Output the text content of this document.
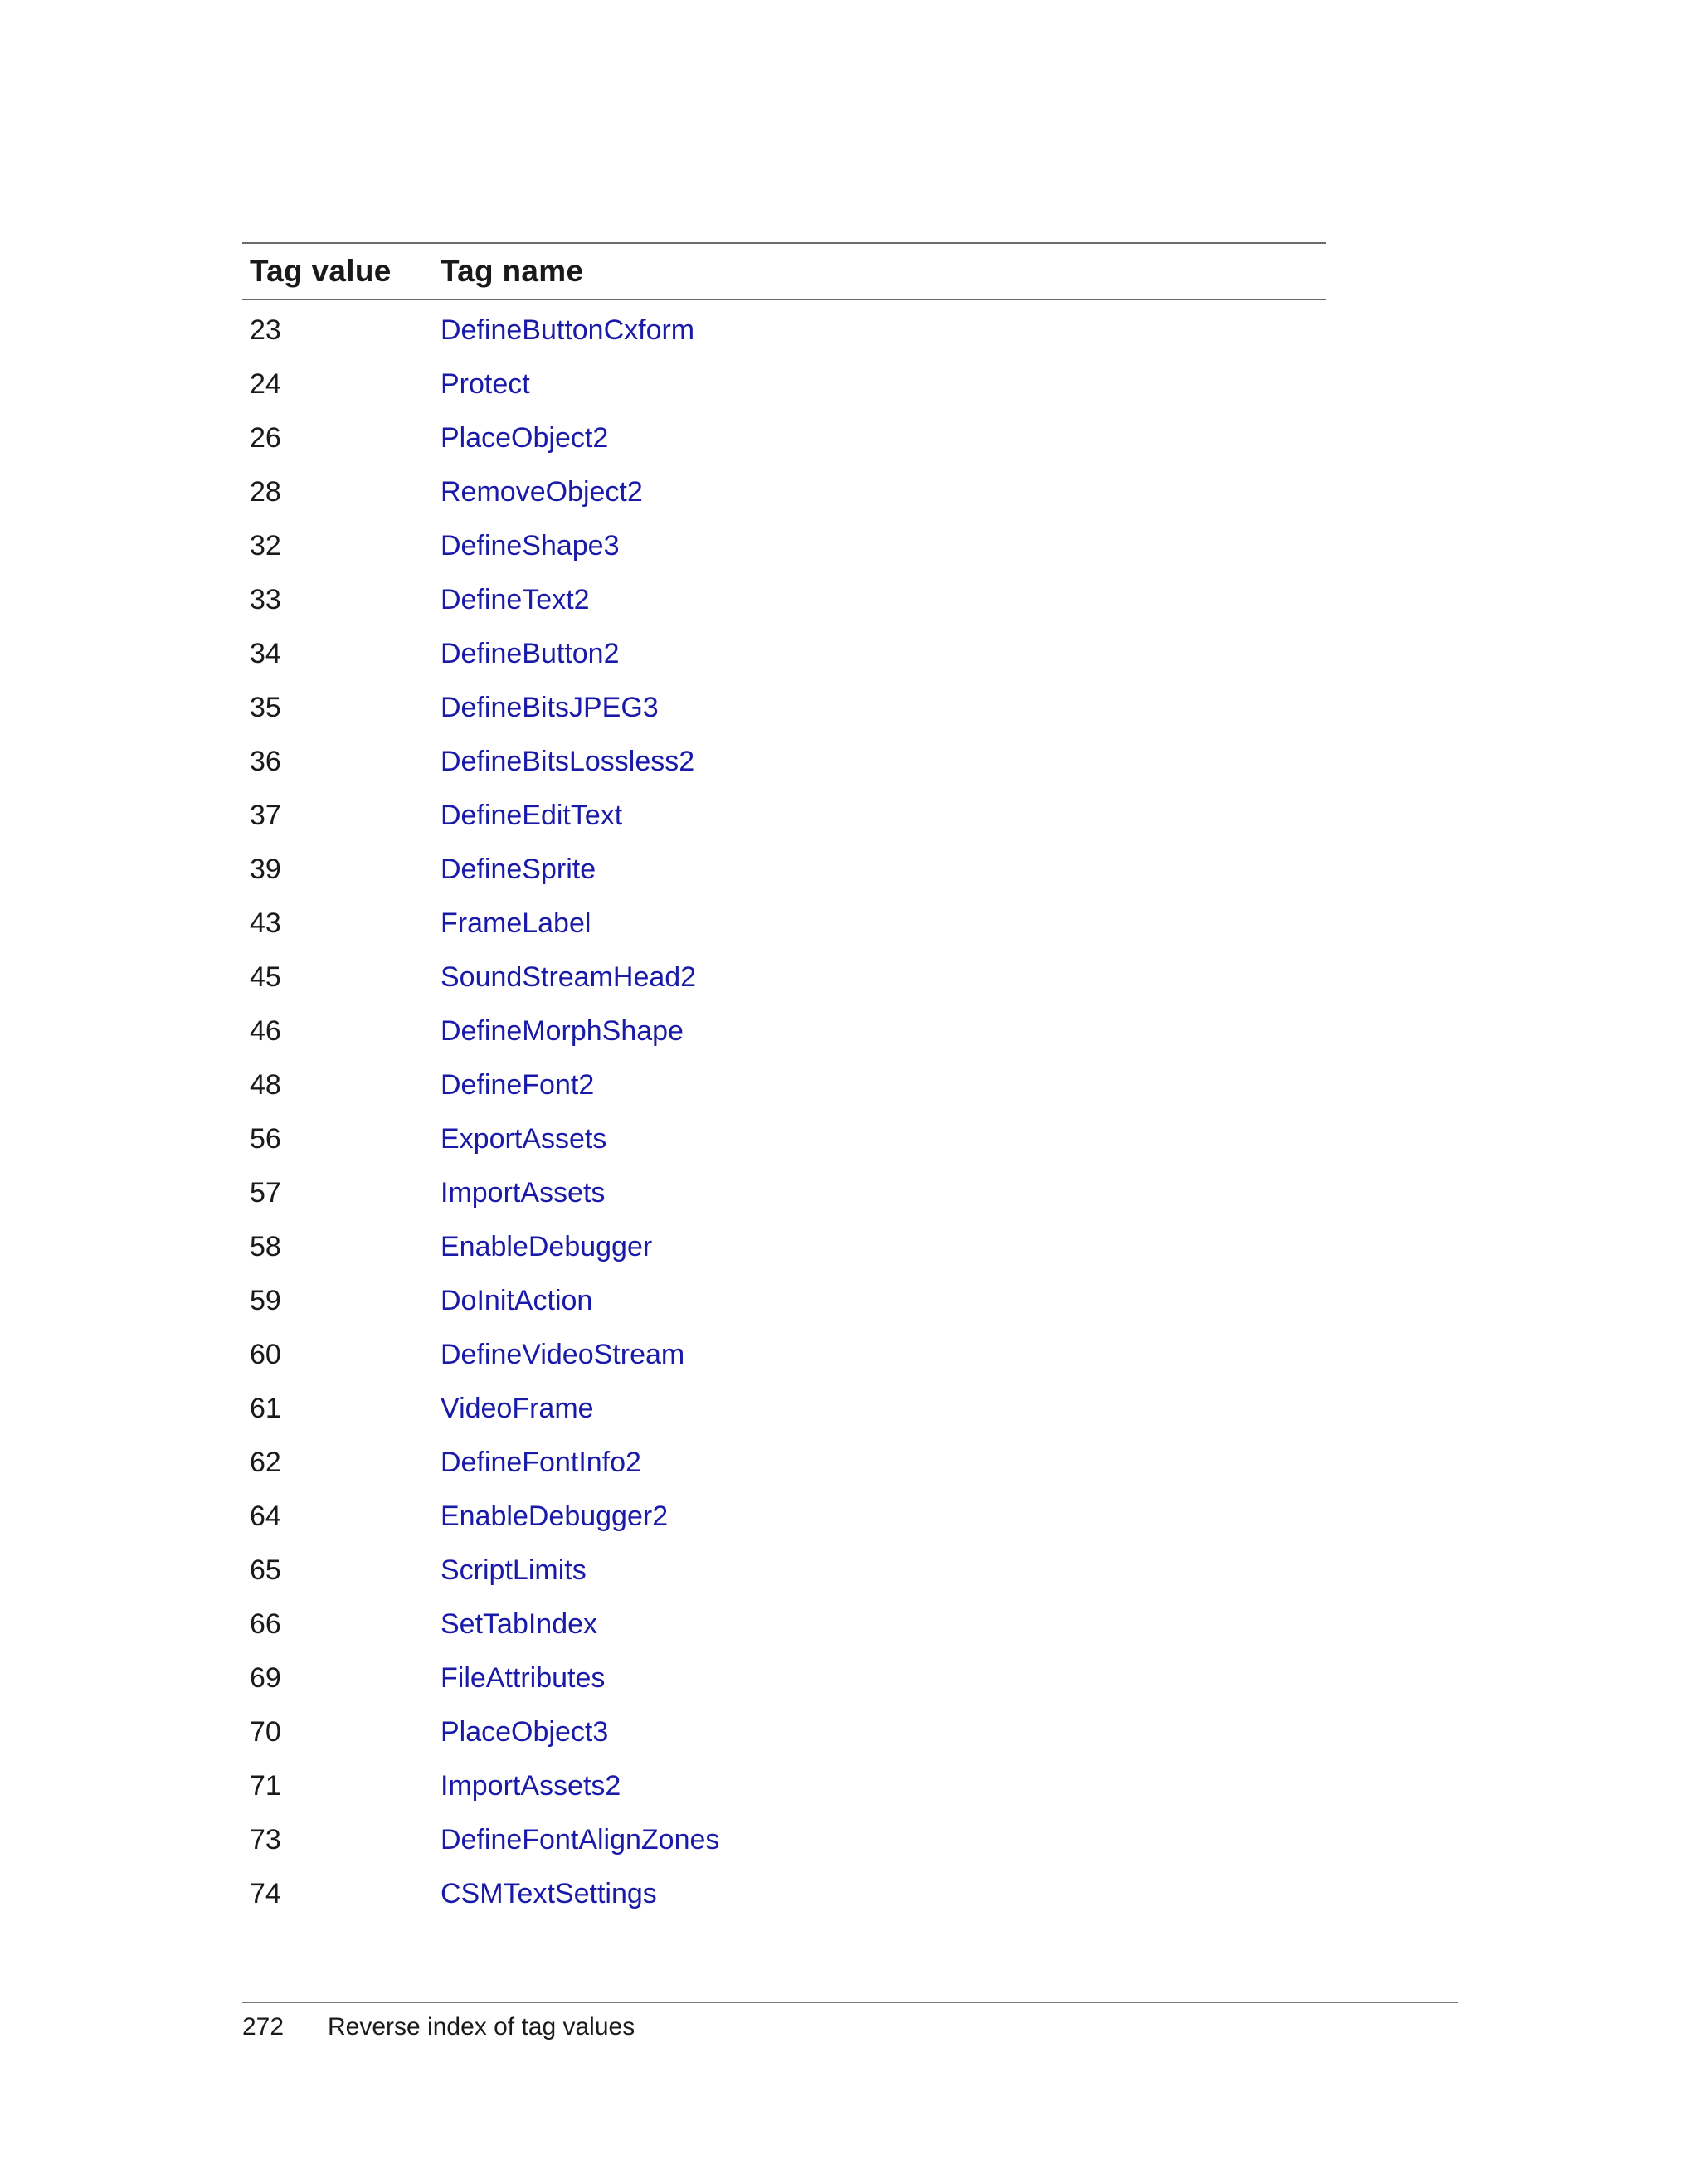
Tag value	Tag name
23	DefineButtonCxform
24	Protect
26	PlaceObject2
28	RemoveObject2
32	DefineShape3
33	DefineText2
34	DefineButton2
35	DefineBitsJPEG3
36	DefineBitsLossless2
37	DefineEditText
39	DefineSprite
43	FrameLabel
45	SoundStreamHead2
46	DefineMorphShape
48	DefineFont2
56	ExportAssets
57	ImportAssets
58	EnableDebugger
59	DoInitAction
60	DefineVideoStream
61	VideoFrame
62	DefineFontInfo2
64	EnableDebugger2
65	ScriptLimits
66	SetTabIndex
69	FileAttributes
70	PlaceObject3
71	ImportAssets2
73	DefineFontAlignZones
74	CSMTextSettings
272	Reverse index of tag values
